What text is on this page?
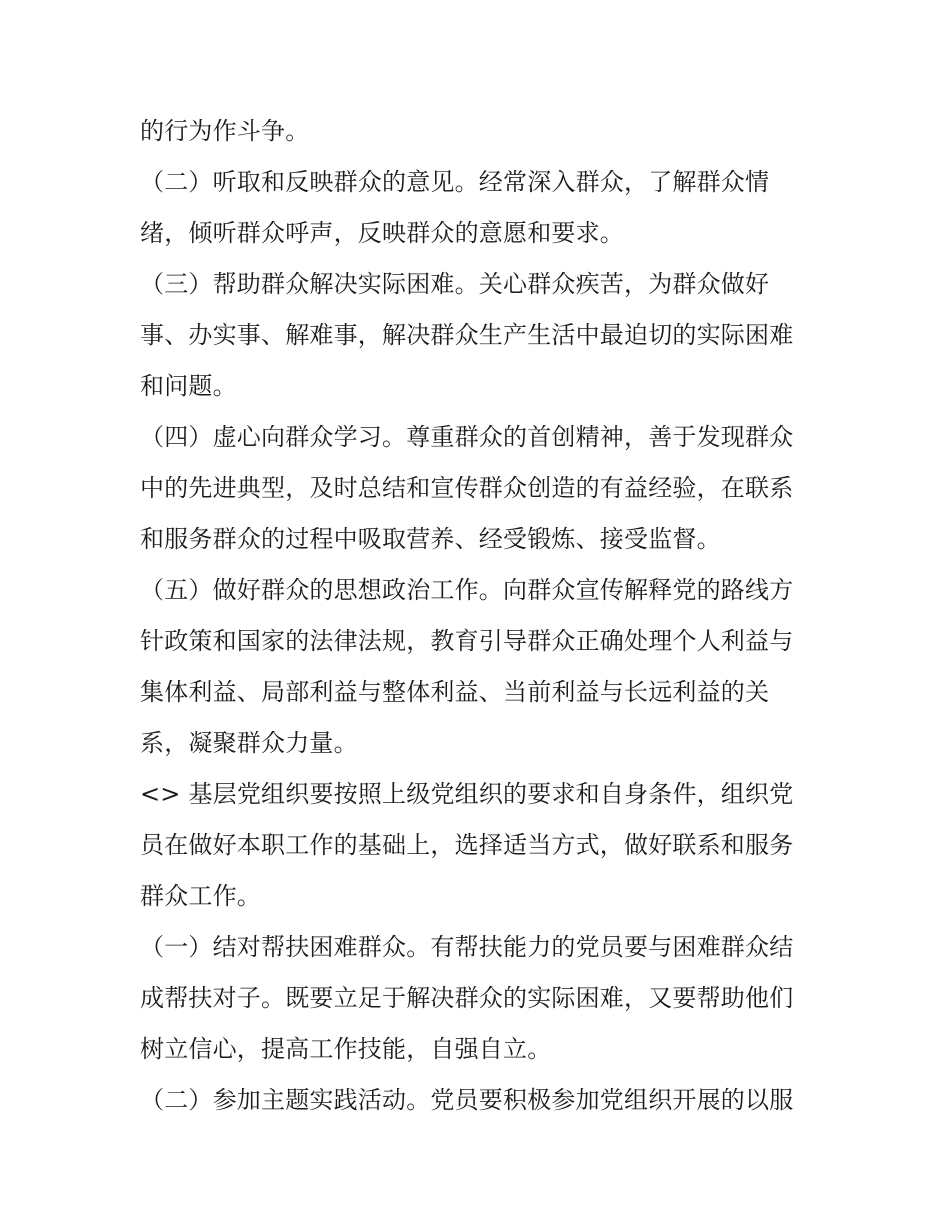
的行为作斗争。
（二）听取和反映群众的意见。经常深入群众，了解群众情
绪，倾听群众呼声，反映群众的意愿和要求。
（三）帮助群众解决实际困难。关心群众疾苦，为群众做好
事、办实事、解难事，解决群众生产生活中最迫切的实际困难
和问题。
（四）虚心向群众学习。尊重群众的首创精神，善于发现群众
中的先进典型，及时总结和宣传群众创造的有益经验，在联系
和服务群众的过程中吸取营养、经受锻炼、接受监督。
（五）做好群众的思想政治工作。向群众宣传解释党的路线方
针政策和国家的法律法规，教育引导群众正确处理个人利益与
集体利益、局部利益与整体利益、当前利益与长远利益的关
系，凝聚群众力量。
<> 基层党组织要按照上级党组织的要求和自身条件，组织党
员在做好本职工作的基础上，选择适当方式，做好联系和服务
群众工作。
（一）结对帮扶困难群众。有帮扶能力的党员要与困难群众结
成帮扶对子。既要立足于解决群众的实际困难，又要帮助他们
树立信心，提高工作技能，自强自立。
（二）参加主题实践活动。党员要积极参加党组织开展的以服
